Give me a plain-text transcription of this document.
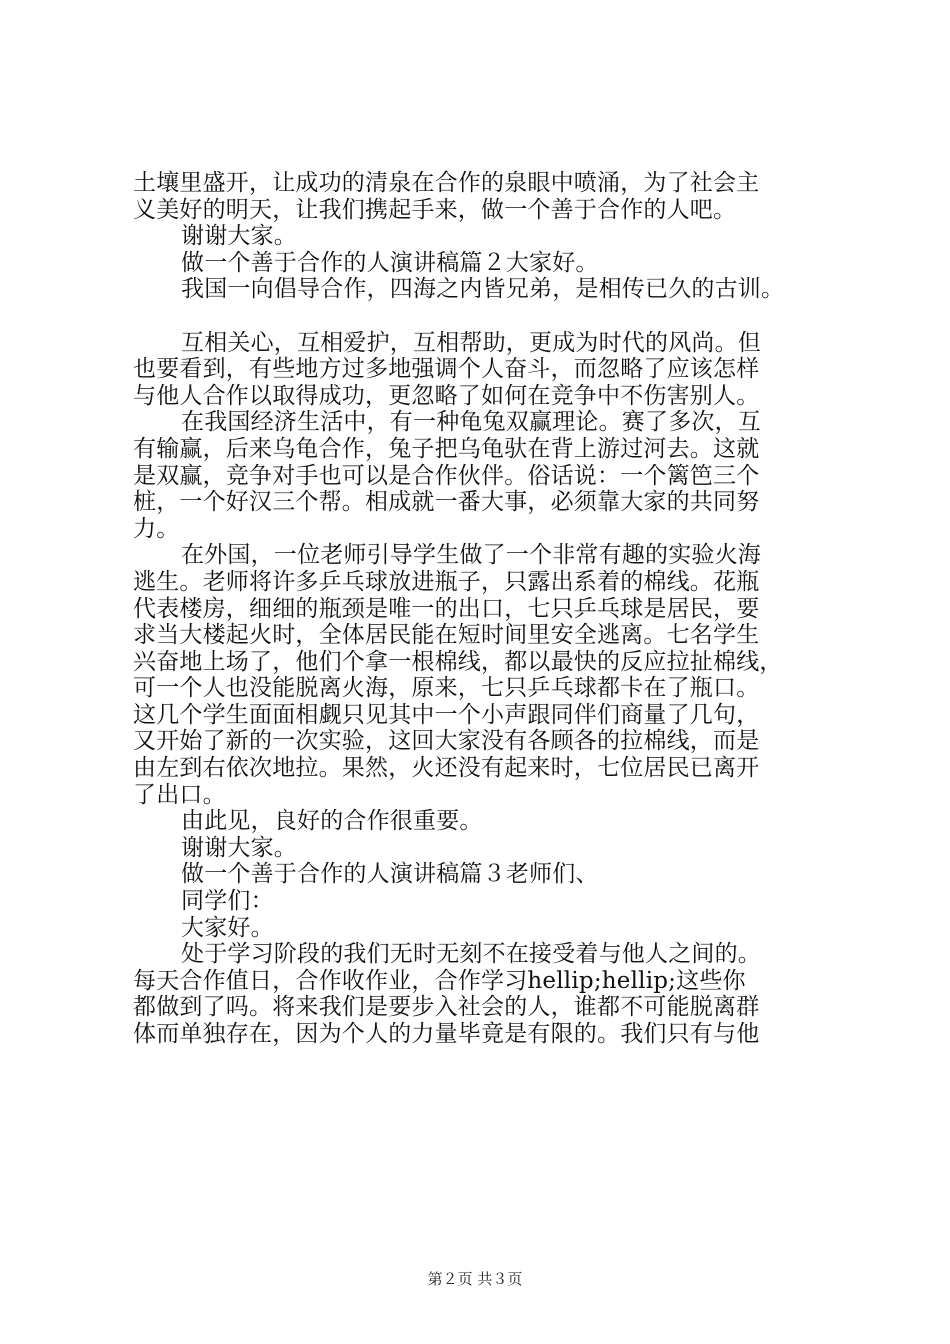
土壤里盛开，让成功的清泉在合作的泉眼中喷涌，为了社会主
义美好的明天，让我们携起手来，做一个善于合作的人吧。
谢谢大家。
做一个善于合作的人演讲稿篇２大家好。
我国一向倡导合作，四海之内皆兄弟，是相传已久的古训。
互相关心，互相爱护，互相帮助，更成为时代的风尚。但
也要看到，有些地方过多地强调个人奋斗，而忽略了应该怎样
与他人合作以取得成功，更忽略了如何在竞争中不伤害别人。
在我国经济生活中，有一种龟兔双赢理论。赛了多次，互
有输赢，后来乌龟合作，兔子把乌龟驮在背上游过河去。这就
是双赢，竞争对手也可以是合作伙伴。俗话说：一个篱笆三个
桩，一个好汉三个帮。相成就一番大事，必须靠大家的共同努
力。
在外国，一位老师引导学生做了一个非常有趣的实验火海
逃生。老师将许多乒乓球放进瓶子，只露出系着的棉线。花瓶
代表楼房，细细的瓶颈是唯一的出口，七只乒乓球是居民，要
求当大楼起火时，全体居民能在短时间里安全逃离。七名学生
兴奋地上场了，他们个拿一根棉线，都以最快的反应拉扯棉线，
可一个人也没能脱离火海，原来，七只乒乓球都卡在了瓶口。
这几个学生面面相觑只见其中一个小声跟同伴们商量了几句，
又开始了新的一次实验，这回大家没有各顾各的拉棉线，而是
由左到右依次地拉。果然，火还没有起来时，七位居民已离开
了出口。
由此见，良好的合作很重要。
谢谢大家。
做一个善于合作的人演讲稿篇３老师们、
同学们：
大家好。
处于学习阶段的我们无时无刻不在接受着与他人之间的。
每天合作值日，合作收作业，合作学习hellip;hellip;这些你
都做到了吗。将来我们是要步入社会的人，谁都不可能脱离群
体而单独存在，因为个人的力量毕竟是有限的。我们只有与他
第２页 共３页
